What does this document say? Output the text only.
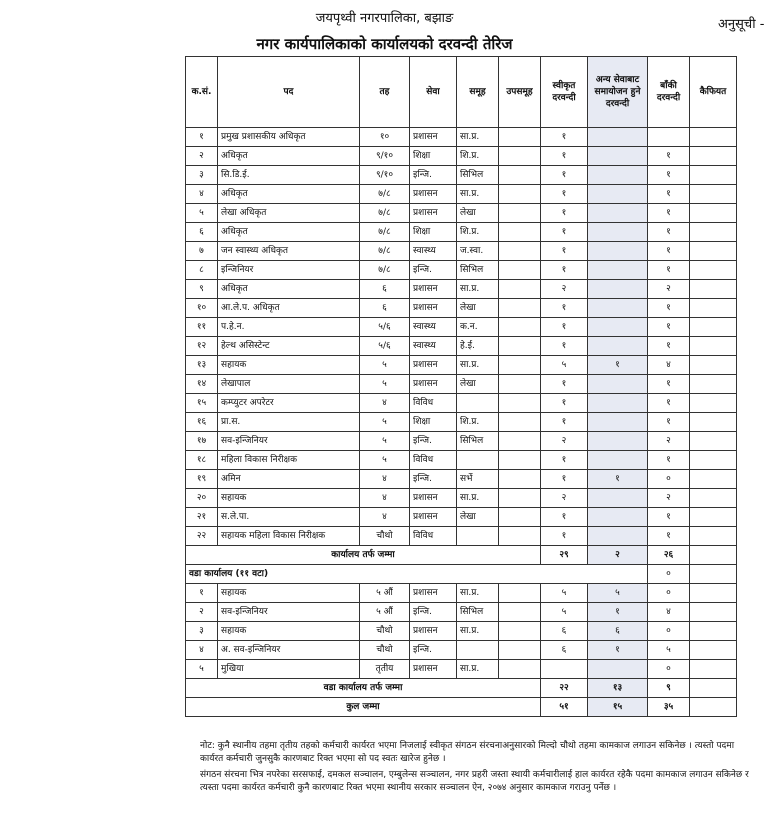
जयपृथ्वी नगरपालिका, बझाङ	अनुसूची -
नगर कार्यपालिकाको कार्यालयको दरवन्दी तेरिज
क.सं.	पद	तह	सेवा	समूह	उपसमूह	स्वीकृत दरवन्दी	अन्य सेवाबाट समायोजन हुने दरवन्दी	बाँकी दरवन्दी	कैफियत
१	प्रमुख प्रशासकीय अधिकृत	१०	प्रशासन	सा.प्र.		१			
२	अधिकृत	९/१०	शिक्षा	शि.प्र.		१		१	
३	सि.डि.ई.	९/१०	इन्जि.	सिभिल		१		१	
४	अधिकृत	७/८	प्रशासन	सा.प्र.		१		१	
५	लेखा अधिकृत	७/८	प्रशासन	लेखा		१		१	
६	अधिकृत	७/८	शिक्षा	शि.प्र.		१		१	
७	जन स्वास्थ्य अधिकृत	७/८	स्वास्थ्य	ज.स्वा.		१		१	
८	इन्जिनियर	७/८	इन्जि.	सिभिल		१		१	
९	अधिकृत	६	प्रशासन	सा.प्र.		२		२	
१०	आ.ले.प. अधिकृत	६	प्रशासन	लेखा		१		१	
११	प.हे.न.	५/६	स्वास्थ्य	क.न.		१		१	
१२	हेल्थ असिस्टेन्ट	५/६	स्वास्थ्य	हे.ई.		१		१	
१३	सहायक	५	प्रशासन	सा.प्र.		५	१	४	
१४	लेखापाल	५	प्रशासन	लेखा		१		१	
१५	कम्प्युटर अपरेटर	४	विविध			१		१	
१६	प्रा.स.	५	शिक्षा	शि.प्र.		१		१	
१७	सव-इन्जिनियर	५	इन्जि.	सिभिल		२		२	
१८	महिला विकास निरीक्षक	५	विविध			१		१	
१९	अमिन	४	इन्जि.	सर्भे		१	१	०	
२०	सहायक	४	प्रशासन	सा.प्र.		२		२	
२१	स.ले.पा.	४	प्रशासन	लेखा		१		१	
२२	सहायक महिला विकास निरीक्षक	चौथो	विविध			१		१	
कार्यालय तर्फ जम्मा						२९	२	२६	
वडा कार्यालय (११ वटा)								०	
१	सहायक	५ औं	प्रशासन	सा.प्र.		५	५	०	
२	सव-इन्जिनियर	५ औं	इन्जि.	सिभिल		५	१	४	
३	सहायक	चौथो	प्रशासन	सा.प्र.		६	६	०	
४	अ. सव-इन्जिनियर	चौथो	इन्जि.			६	१	५	
५	मुखिया	तृतीय	प्रशासन	सा.प्र.				०	
वडा कार्यालय तर्फ जम्मा						२२	१३	९	
कुल जम्मा						५१	१५	३५	

नोट: कुनै स्थानीय तहमा तृतीय तहको कर्मचारी कार्यरत भएमा निजलाई स्वीकृत संगठन संरचनाअनुसारको मिल्दो चौथो तहमा कामकाज लगाउन सकिनेछ । त्यस्तो पदमा कार्यरत कर्मचारी जुनसुकै कारणबाट रिक्त भएमा सो पद स्वतः खारेज हुनेछ ।

संगठन संरचना भित्र नपरेका सरसफाई, दमकल सञ्चालन, एम्बुलेन्स सञ्चालन, नगर प्रहरी जस्ता स्थायी कर्मचारीलाई हाल कार्यरत रहेकै पदमा कामकाज लगाउन सकिनेछ र त्यस्ता पदमा कार्यरत कर्मचारी कुनै कारणबाट रिक्त भएमा स्थानीय सरकार सञ्चालन ऐन, २०७४ अनुसार कामकाज गराउनु पर्नेछ ।
